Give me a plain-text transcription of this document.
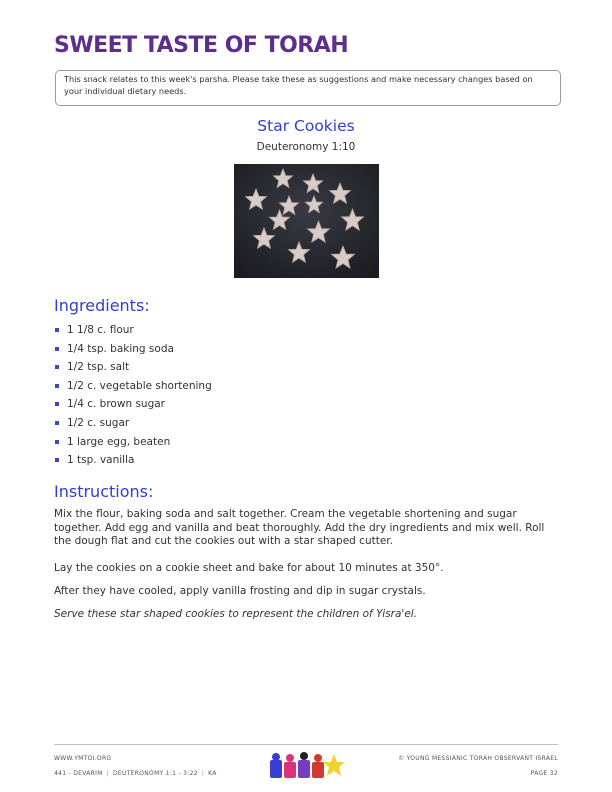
SWEET TASTE OF TORAH
This snack relates to this week's parsha. Please take these as suggestions and make necessary changes based on your individual dietary needs.
Star Cookies
Deuteronomy 1:10
Ingredients:
1 1/8 c. flour
1/4 tsp. baking soda
1/2 tsp. salt
1/2 c. vegetable shortening
1/4 c. brown sugar
1/2 c. sugar
1 large egg, beaten
1 tsp. vanilla
Instructions:

Mix the flour, baking soda and salt together. Cream the vegetable shortening and sugar together. Add egg and vanilla and beat thoroughly. Add the dry ingredients and mix well. Roll the dough flat and cut the cookies out with a star shaped cutter.

Lay the cookies on a cookie sheet and bake for about 10 minutes at 350°.

After they have cooled, apply vanilla frosting and dip in sugar crystals.

Serve these star shaped cookies to represent the children of Yisra'el.

WWW.YMTOI.ORG
441 - DEVARIM | DEUTERONOMY 1:1 - 3:22 | KA
© YOUNG MESSIANIC TORAH OBSERVANT ISRAEL
PAGE 32
